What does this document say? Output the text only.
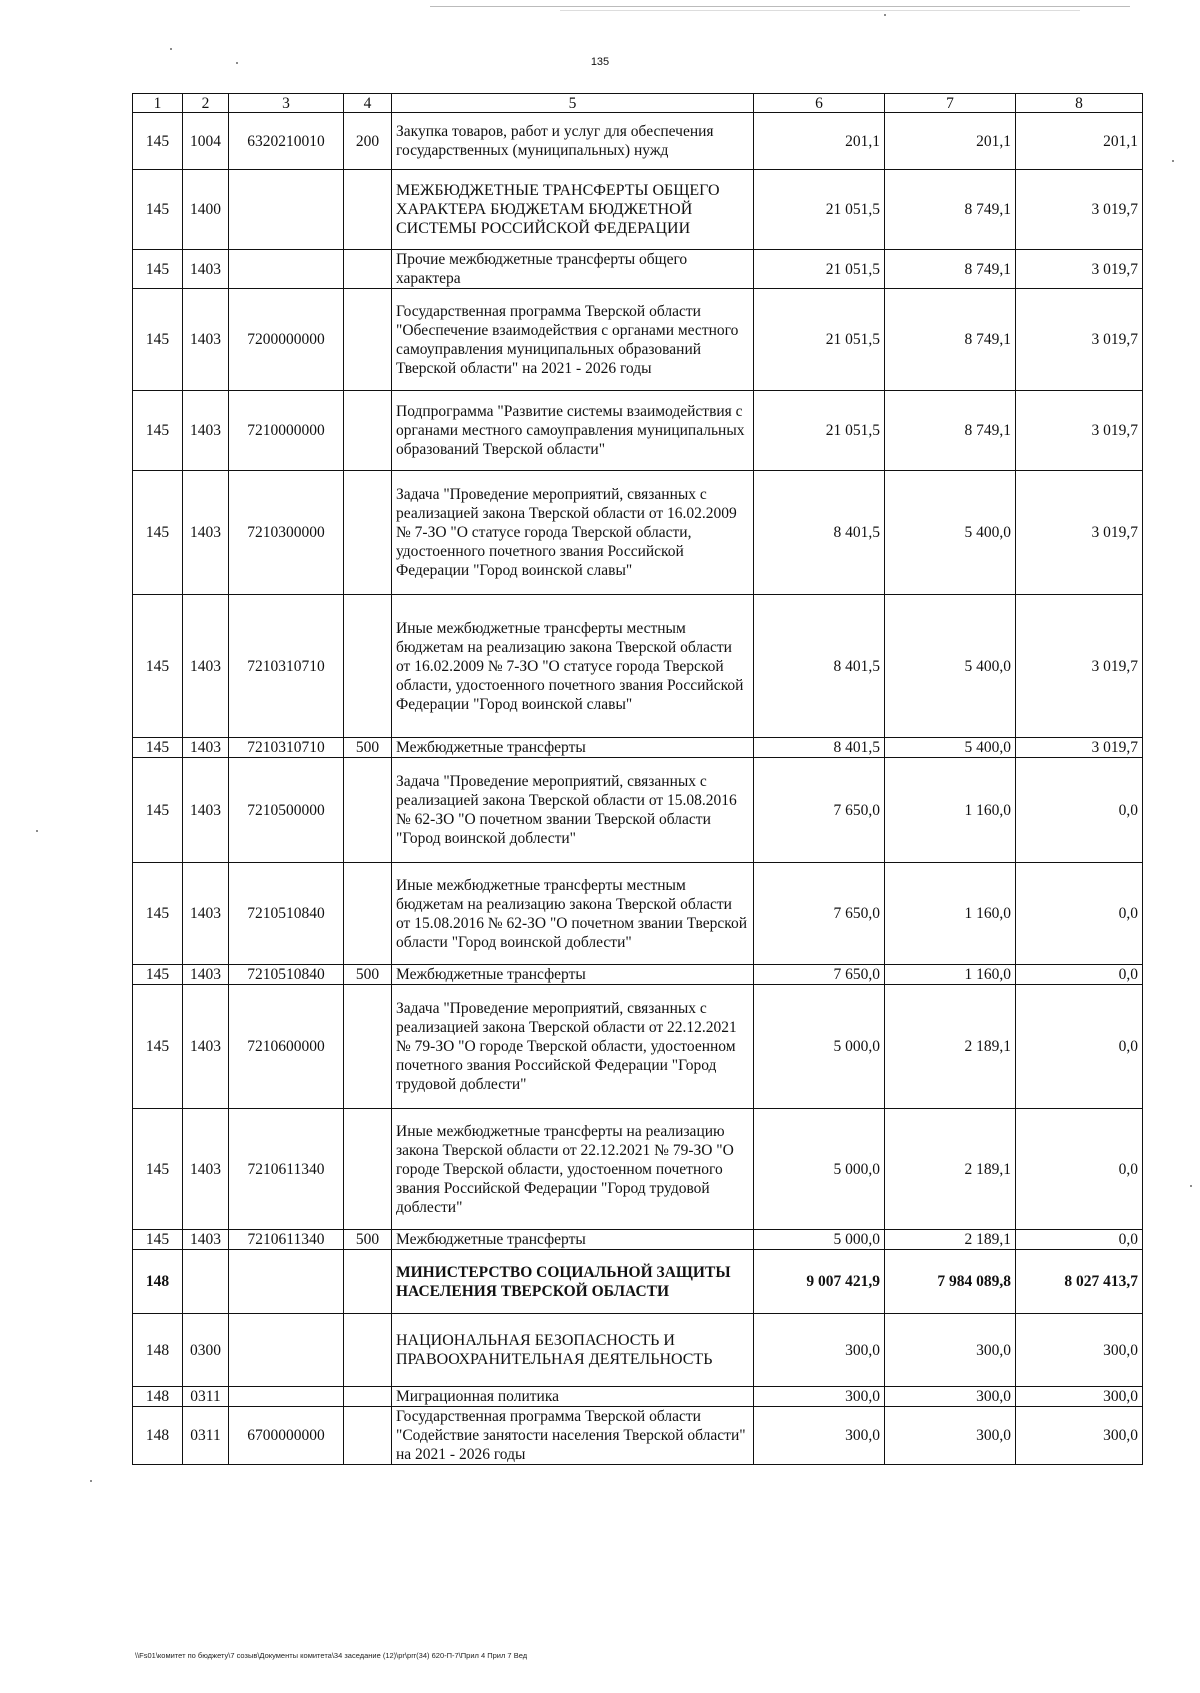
135
1	2	3	4	5	6	7	8
145	1004	6320210010	200	Закупка товаров, работ и услуг для обеспечения государственных (муниципальных) нужд	201,1	201,1	201,1
145	1400			МЕЖБЮДЖЕТНЫЕ ТРАНСФЕРТЫ ОБЩЕГО ХАРАКТЕРА БЮДЖЕТАМ БЮДЖЕТНОЙ СИСТЕМЫ РОССИЙСКОЙ ФЕДЕРАЦИИ	21 051,5	8 749,1	3 019,7
145	1403			Прочие межбюджетные трансферты общего характера	21 051,5	8 749,1	3 019,7
145	1403	7200000000		Государственная программа Тверской области "Обеспечение взаимодействия с органами местного самоуправления муниципальных образований Тверской области" на 2021 - 2026 годы	21 051,5	8 749,1	3 019,7
145	1403	7210000000		Подпрограмма "Развитие системы взаимодействия с органами местного самоуправления муниципальных образований Тверской области"	21 051,5	8 749,1	3 019,7
145	1403	7210300000		Задача "Проведение мероприятий, связанных с реализацией закона Тверской области от 16.02.2009 № 7-ЗО "О статусе города Тверской области, удостоенного почетного звания Российской Федерации "Город воинской славы"	8 401,5	5 400,0	3 019,7
145	1403	7210310710		Иные межбюджетные трансферты местным бюджетам на реализацию закона Тверской области от 16.02.2009 № 7-ЗО "О статусе города Тверской области, удостоенного почетного звания Российской Федерации "Город воинской славы"	8 401,5	5 400,0	3 019,7
145	1403	7210310710	500	Межбюджетные трансферты	8 401,5	5 400,0	3 019,7
145	1403	7210500000		Задача "Проведение мероприятий, связанных с реализацией закона Тверской области от 15.08.2016 № 62-ЗО "О почетном звании Тверской области "Город воинской доблести"	7 650,0	1 160,0	0,0
145	1403	7210510840		Иные межбюджетные трансферты местным бюджетам на реализацию закона Тверской области от 15.08.2016 № 62-ЗО "О почетном звании Тверской области "Город воинской доблести"	7 650,0	1 160,0	0,0
145	1403	7210510840	500	Межбюджетные трансферты	7 650,0	1 160,0	0,0
145	1403	7210600000		Задача "Проведение мероприятий, связанных с реализацией закона Тверской области от 22.12.2021 № 79-ЗО "О городе Тверской области, удостоенном почетного звания Российской Федерации "Город трудовой доблести"	5 000,0	2 189,1	0,0
145	1403	7210611340		Иные межбюджетные трансферты на реализацию закона Тверской области от 22.12.2021 № 79-ЗО "О городе Тверской области, удостоенном почетного звания Российской Федерации "Город трудовой доблести"	5 000,0	2 189,1	0,0
145	1403	7210611340	500	Межбюджетные трансферты	5 000,0	2 189,1	0,0
148				МИНИСТЕРСТВО СОЦИАЛЬНОЙ ЗАЩИТЫ НАСЕЛЕНИЯ ТВЕРСКОЙ ОБЛАСТИ	9 007 421,9	7 984 089,8	8 027 413,7
148	0300			НАЦИОНАЛЬНАЯ БЕЗОПАСНОСТЬ И ПРАВООХРАНИТЕЛЬНАЯ ДЕЯТЕЛЬНОСТЬ	300,0	300,0	300,0
148	0311			Миграционная политика	300,0	300,0	300,0
148	0311	6700000000		Государственная программа Тверской области "Содействие занятости населения Тверской области" на 2021 - 2026 годы	300,0	300,0	300,0
\\Fs01\комитет по бюджету\7 созыв\Документы комитета\34 заседание (12)\pr\prr(34) 620-П-7\Прил 4 Прил 7 Вед
